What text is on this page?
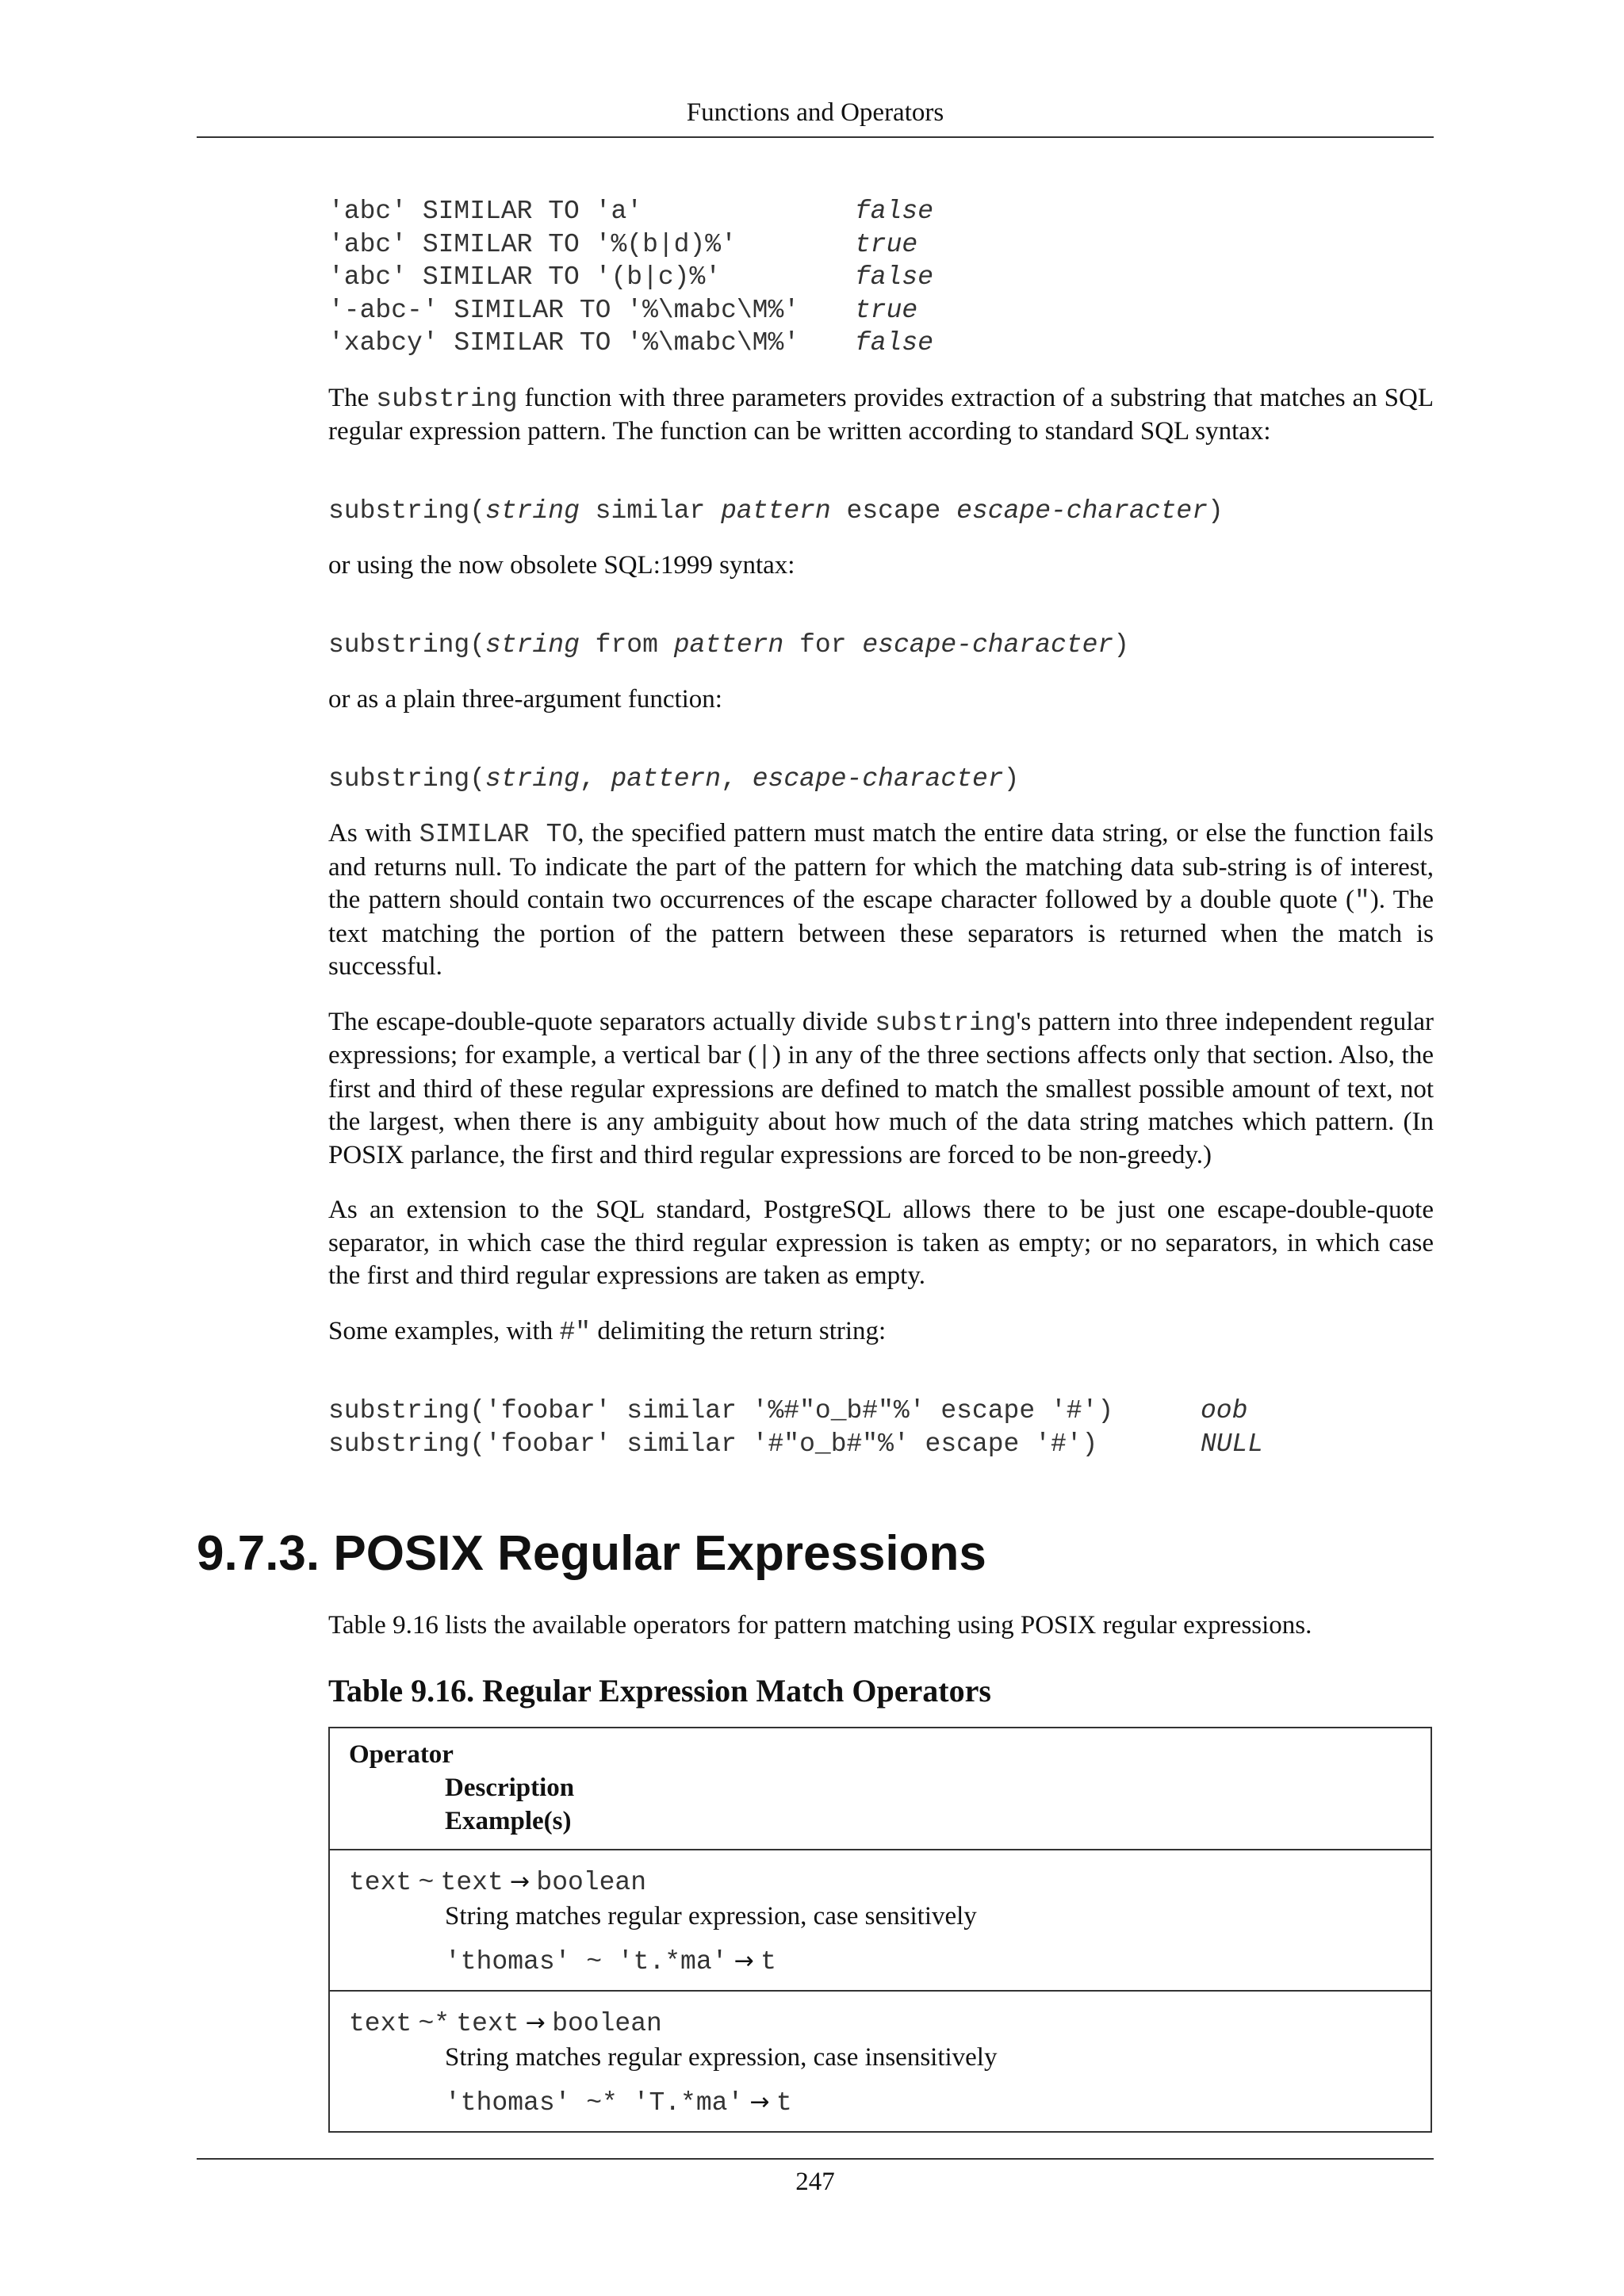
Functions and Operators
'abc' SIMILAR TO 'a'	false
'abc' SIMILAR TO '%(b|d)%'	true
'abc' SIMILAR TO '(b|c)%'	false
'-abc-' SIMILAR TO '%\mabc\M%'	true
'xabcy' SIMILAR TO '%\mabc\M%'	false

The substring function with three parameters provides extraction of a substring that matches an SQL regular expression pattern. The function can be written according to standard SQL syntax:

substring(string similar pattern escape escape-character)

or using the now obsolete SQL:1999 syntax:

substring(string from pattern for escape-character)

or as a plain three-argument function:

substring(string, pattern, escape-character)

As with SIMILAR TO, the specified pattern must match the entire data string, or else the function fails and returns null. To indicate the part of the pattern for which the matching data sub-string is of interest, the pattern should contain two occurrences of the escape character followed by a double quote ("). The text matching the portion of the pattern between these separators is returned when the match is successful.

The escape-double-quote separators actually divide substring's pattern into three independent regular expressions; for example, a vertical bar (|) in any of the three sections affects only that section. Also, the first and third of these regular expressions are defined to match the smallest possible amount of text, not the largest, when there is any ambiguity about how much of the data string matches which pattern. (In POSIX parlance, the first and third regular expressions are forced to be non-greedy.)

As an extension to the SQL standard, PostgreSQL allows there to be just one escape-double-quote separator, in which case the third regular expression is taken as empty; or no separators, in which case the first and third regular expressions are taken as empty.

Some examples, with #" delimiting the return string:

substring('foobar' similar '%#"o_b#"%' escape '#')	oob
substring('foobar' similar '#"o_b#"%' escape '#')	NULL
9.7.3. POSIX Regular Expressions

Table 9.16 lists the available operators for pattern matching using POSIX regular expressions.

Table 9.16. Regular Expression Match Operators
Operator
Description
Example(s)
text ~ text → boolean
String matches regular expression, case sensitively
'thomas' ~ 't.*ma' → t
text ~* text → boolean
String matches regular expression, case insensitively
'thomas' ~* 'T.*ma' → t
247
